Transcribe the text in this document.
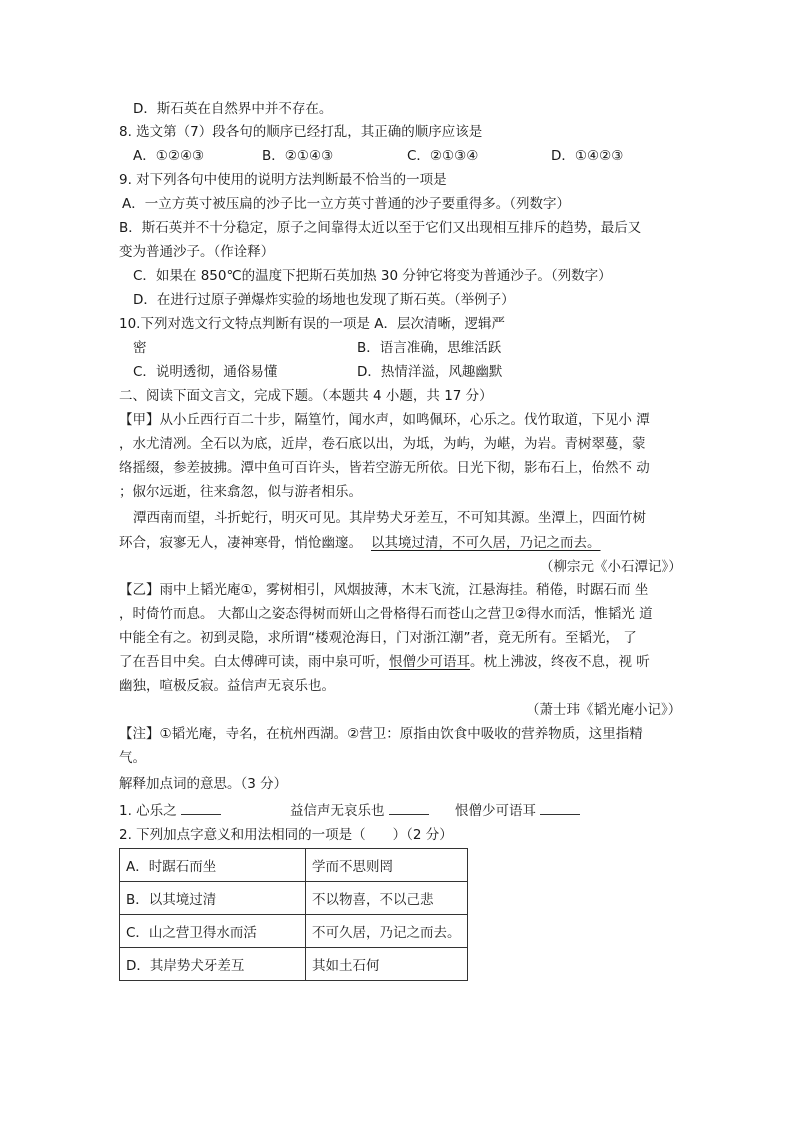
D．斯石英在自然界中并不存在。
8. 选文第（7）段各句的顺序已经打乱，其正确的顺序应该是
A．①②④③	B．②①④③	C．②①③④	D．①④②③
9. 对下列各句中使用的说明方法判断最不恰当的一项是
A．一立方英寸被压扁的沙子比一立方英寸普通的沙子要重得多。（列数字）
B．斯石英并不十分稳定，原子之间靠得太近以至于它们又出现相互排斥的趋势，最后又
变为普通沙子。（作诠释）
C．如果在 850℃的温度下把斯石英加热 30 分钟它将变为普通沙子。（列数字）
D．在进行过原子弹爆炸实验的场地也发现了斯石英。（举例子）
10.下列对选文行文特点判断有误的一项是 A．层次清晰，逻辑严
密	B．语言准确，思维活跃
C．说明透彻，通俗易懂	D．热情洋溢，风趣幽默
二、阅读下面文言文，完成下题。（本题共 4 小题，共 17 分）
【甲】从小丘西行百二十步，隔篁竹，闻水声，如鸣佩环，心乐之。伐竹取道，下见小 潭
，水尤清冽。全石以为底，近岸，卷石底以出，为坻，为屿，为嵁，为岩。青树翠蔓，蒙
络摇缀，参差披拂。潭中鱼可百许头，皆若空游无所依。日光下彻，影布石上，佁然不 动
；俶尔远逝，往来翕忽，似与游者相乐。
潭西南而望，斗折蛇行，明灭可见。其岸势犬牙差互，不可知其源。坐潭上，四面竹树
环合，寂寥无人，凄神寒骨，悄怆幽邃。 以其境过清，不可久居，乃记之而去。
（柳宗元《小石潭记》）
【乙】雨中上韬光庵①，雾树相引，风烟披薄，木末飞流，江悬海挂。稍倦，时踞石而 坐
，时倚竹而息。 大都山之姿态得树而妍山之骨格得石而苍山之营卫②得水而活，惟韬光 道
中能全有之。初到灵隐，求所谓“楼观沧海日，门对浙江潮”者，竟无所有。至韬光， 了
了在吾目中矣。白太傅碑可读，雨中泉可听，恨僧少可语耳。枕上沸波，终夜不息，视 听
幽独，喧极反寂。益信声无哀乐也。
（萧士玮《韬光庵小记》）
【注】①韬光庵，寺名，在杭州西湖。②营卫：原指由饮食中吸收的营养物质，这里指精
气。
解释加点词的意思。（3 分）
1. 心乐之	益信声无哀乐也	恨僧少可语耳
2. 下列加点字意义和用法相同的一项是（　　）（2 分）
A．时踞石而坐	学而不思则罔
B．以其境过清	不以物喜，不以己悲
C．山之营卫得水而活	不可久居，乃记之而去。
D．其岸势犬牙差互	其如土石何
